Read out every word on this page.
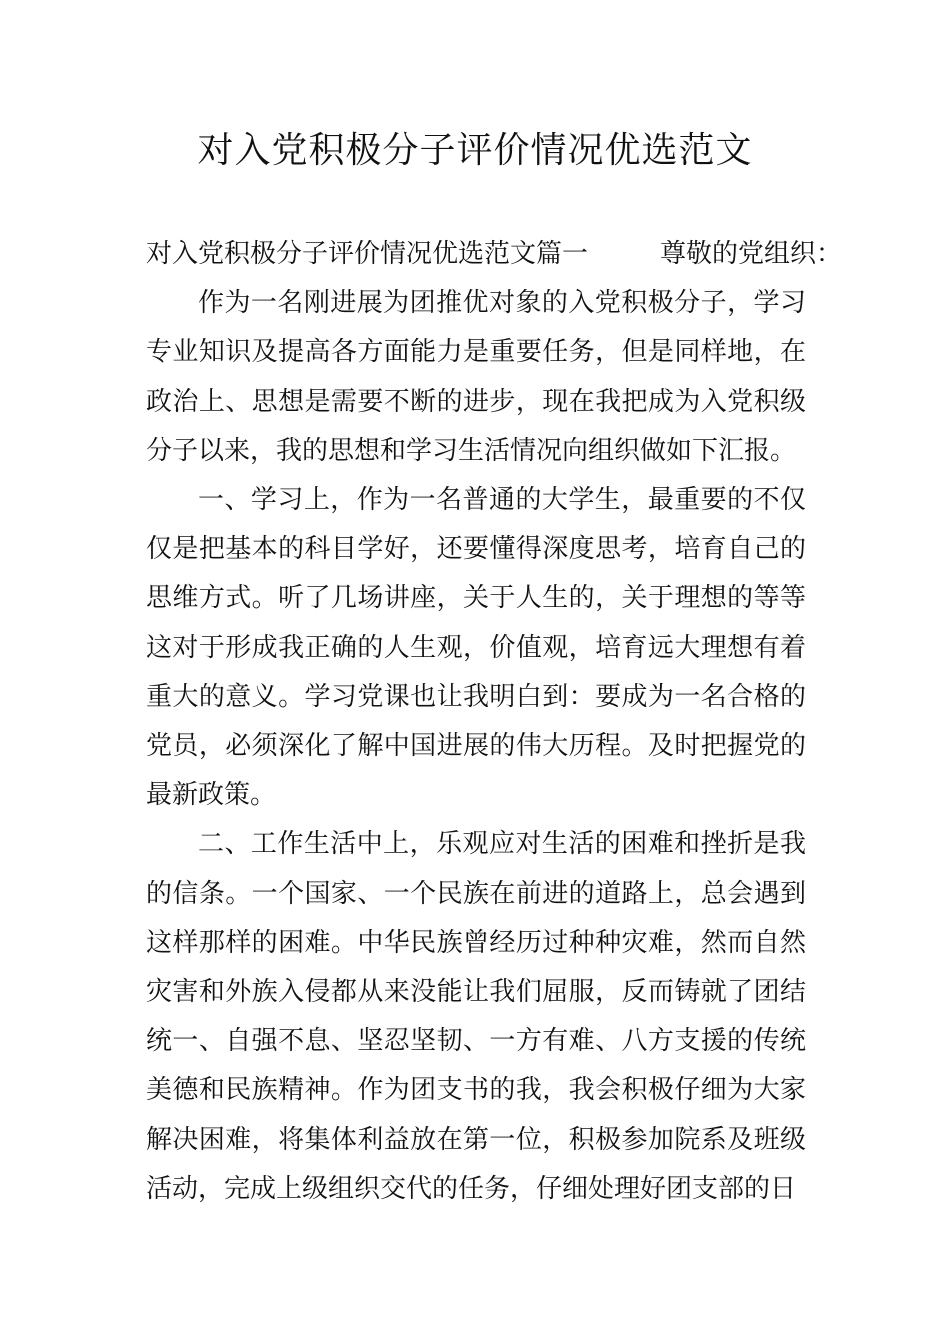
对入党积极分子评价情况优选范文

对入党积极分子评价情况优选范文篇一	尊敬的党组织：

作为一名刚进展为团推优对象的入党积极分子，学习专业知识及提高各方面能力是重要任务，但是同样地，在政治上、思想是需要不断的进步，现在我把成为入党积级分子以来，我的思想和学习生活情况向组织做如下汇报。

一、学习上，作为一名普通的大学生，最重要的不仅仅是把基本的科目学好，还要懂得深度思考，培育自己的思维方式。听了几场讲座，关于人生的，关于理想的等等这对于形成我正确的人生观，价值观，培育远大理想有着重大的意义。学习党课也让我明白到：要成为一名合格的党员，必须深化了解中国进展的伟大历程。及时把握党的最新政策。

二、工作生活中上，乐观应对生活的困难和挫折是我的信条。一个国家、一个民族在前进的道路上，总会遇到这样那样的困难。中华民族曾经历过种种灾难，然而自然灾害和外族入侵都从来没能让我们屈服，反而铸就了团结统一、自强不息、坚忍坚韧、一方有难、八方支援的传统美德和民族精神。作为团支书的我，我会积极仔细为大家解决困难，将集体利益放在第一位，积极参加院系及班级活动，完成上级组织交代的任务，仔细处理好团支部的日
